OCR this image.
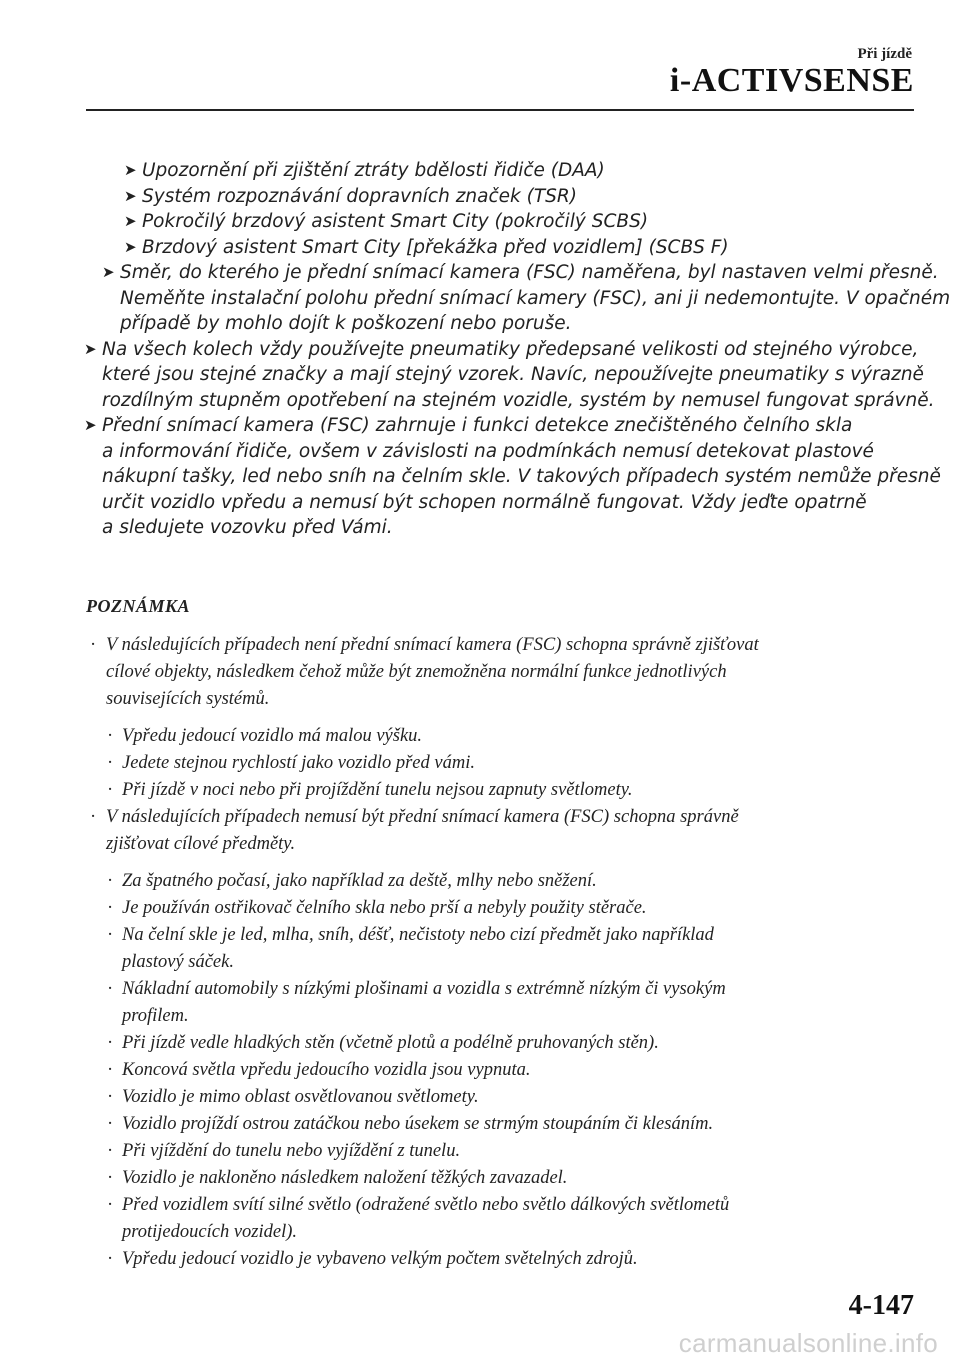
Při jízdě
i-ACTIVSENSE
➤ Upozornění při zjištění ztráty bdělosti řidiče (DAA)
➤ Systém rozpoznávání dopravních značek (TSR)
➤ Pokročilý brzdový asistent Smart City (pokročilý SCBS)
➤ Brzdový asistent Smart City [překážka před vozidlem] (SCBS F)
➤ Směr, do kterého je přední snímací kamera (FSC) naměřena, byl nastaven velmi přesně.
Neměňte instalační polohu přední snímací kamery (FSC), ani ji nedemontujte. V opačném
případě by mohlo dojít k poškození nebo poruše.
➤ Na všech kolech vždy používejte pneumatiky předepsané velikosti od stejného výrobce,
které jsou stejné značky a mají stejný vzorek. Navíc, nepoužívejte pneumatiky s výrazně
rozdílným stupněm opotřebení na stejném vozidle, systém by nemusel fungovat správně.
➤ Přední snímací kamera (FSC) zahrnuje i funkci detekce znečištěného čelního skla
a informování řidiče, ovšem v závislosti na podmínkách nemusí detekovat plastové
nákupní tašky, led nebo sníh na čelním skle. V takových případech systém nemůže přesně
určit vozidlo vpředu a nemusí být schopen normálně fungovat. Vždy jeďte opatrně
a sledujete vozovku před Vámi.
POZNÁMKA
· V následujících případech není přední snímací kamera (FSC) schopna správně zjišťovat
cílové objekty, následkem čehož může být znemožněna normální funkce jednotlivých
souvisejících systémů.
· Vpředu jedoucí vozidlo má malou výšku.
· Jedete stejnou rychlostí jako vozidlo před vámi.
· Při jízdě v noci nebo při projíždění tunelu nejsou zapnuty světlomety.
· V následujících případech nemusí být přední snímací kamera (FSC) schopna správně
zjišťovat cílové předměty.
· Za špatného počasí, jako například za deště, mlhy nebo sněžení.
· Je používán ostřikovač čelního skla nebo prší a nebyly použity stěrače.
· Na čelní skle je led, mlha, sníh, déšť, nečistoty nebo cizí předmět jako například
plastový sáček.
· Nákladní automobily s nízkými plošinami a vozidla s extrémně nízkým či vysokým
profilem.
· Při jízdě vedle hladkých stěn (včetně plotů a podélně pruhovaných stěn).
· Koncová světla vpředu jedoucího vozidla jsou vypnuta.
· Vozidlo je mimo oblast osvětlovanou světlomety.
· Vozidlo projíždí ostrou zatáčkou nebo úsekem se strmým stoupáním či klesáním.
· Při vjíždění do tunelu nebo vyjíždění z tunelu.
· Vozidlo je nakloněno následkem naložení těžkých zavazadel.
· Před vozidlem svítí silné světlo (odražené světlo nebo světlo dálkových světlometů
protijedoucích vozidel).
· Vpředu jedoucí vozidlo je vybaveno velkým počtem světelných zdrojů.
4-147
carmanualsonline.info
